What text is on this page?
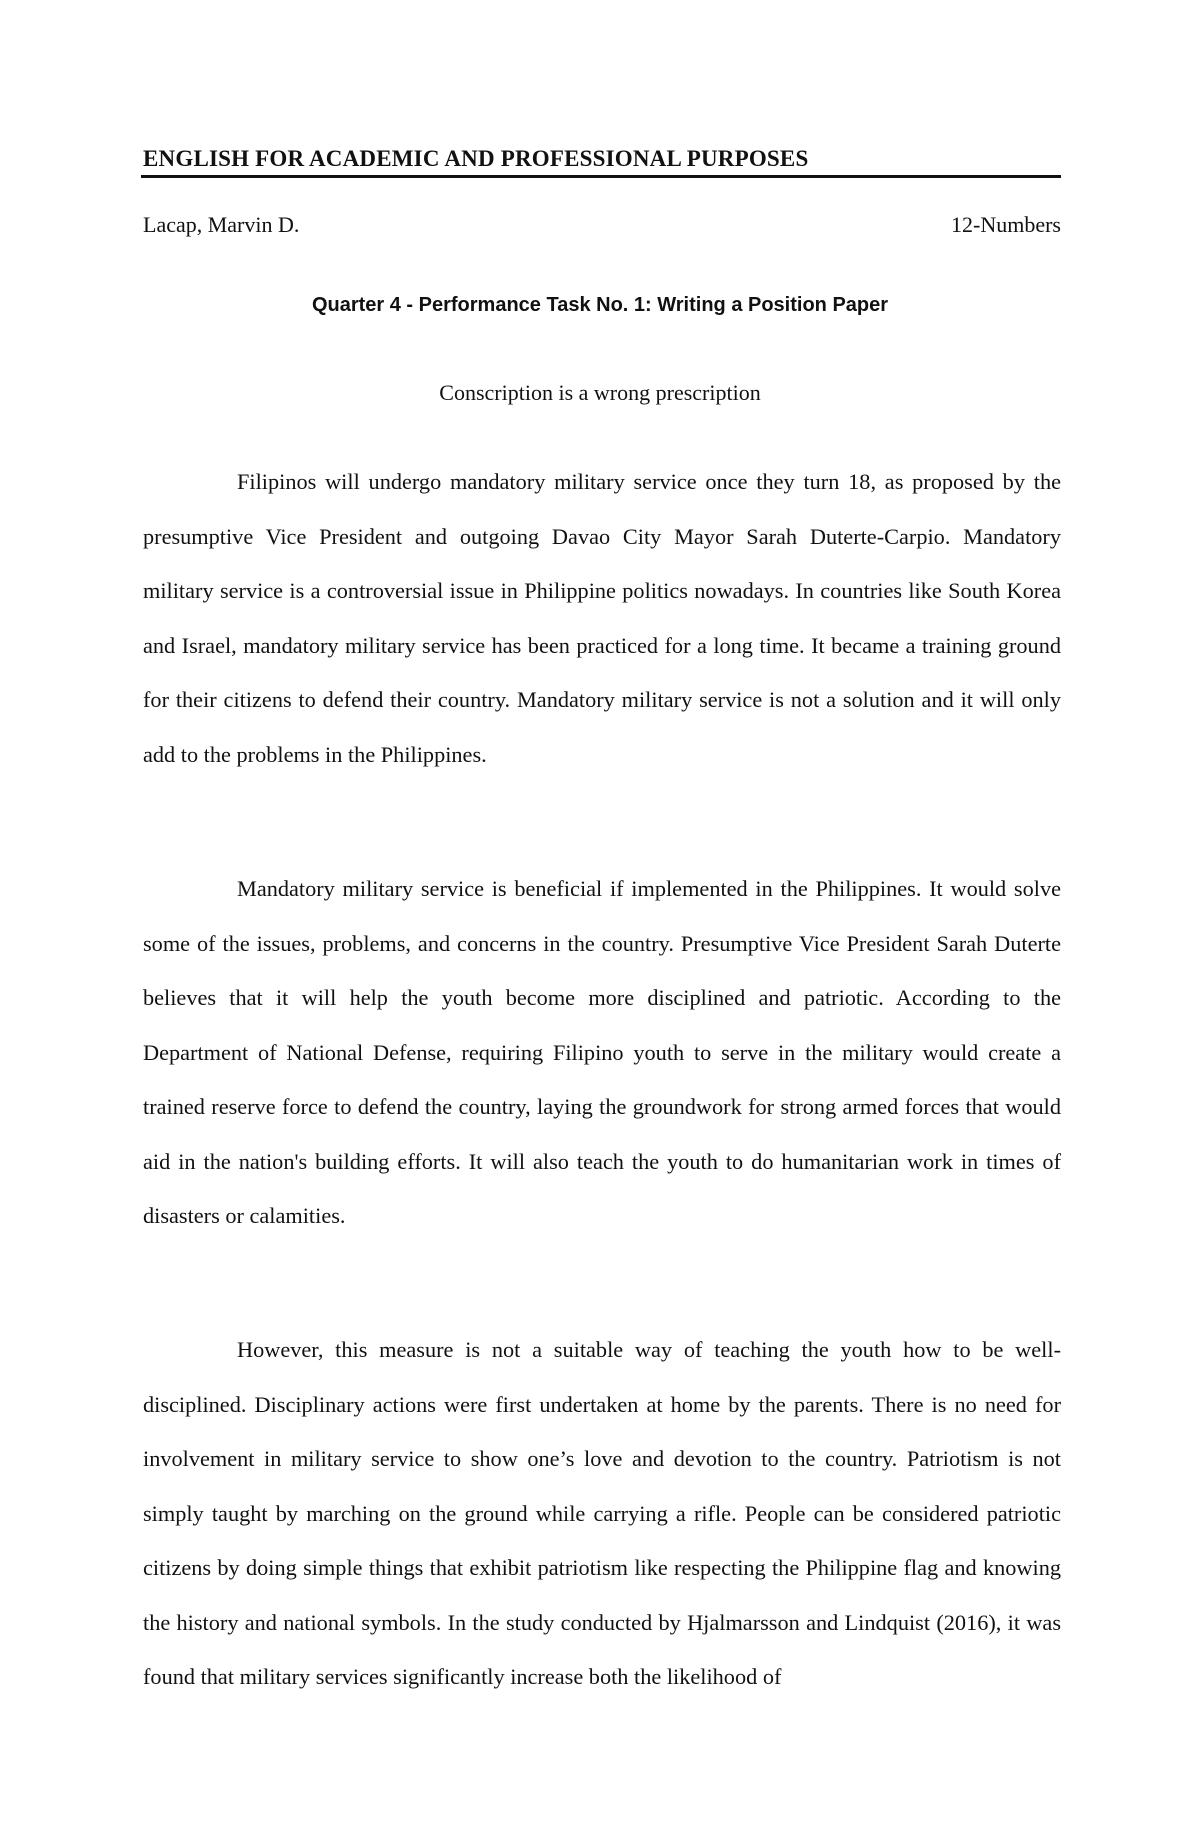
ENGLISH FOR ACADEMIC AND PROFESSIONAL PURPOSES
Lacap, Marvin D.	12-Numbers
Quarter 4 - Performance Task No. 1: Writing a Position Paper
Conscription is a wrong prescription

Filipinos will undergo mandatory military service once they turn 18, as proposed by the presumptive Vice President and outgoing Davao City Mayor Sarah Duterte-Carpio. Mandatory military service is a controversial issue in Philippine politics nowadays. In countries like South Korea and Israel, mandatory military service has been practiced for a long time. It became a training ground for their citizens to defend their country. Mandatory military service is not a solution and it will only add to the problems in the Philippines.

Mandatory military service is beneficial if implemented in the Philippines. It would solve some of the issues, problems, and concerns in the country. Presumptive Vice President Sarah Duterte believes that it will help the youth become more disciplined and patriotic. According to the Department of National Defense, requiring Filipino youth to serve in the military would create a trained reserve force to defend the country, laying the groundwork for strong armed forces that would aid in the nation's building efforts. It will also teach the youth to do humanitarian work in times of disasters or calamities.

However, this measure is not a suitable way of teaching the youth how to be well-disciplined. Disciplinary actions were first undertaken at home by the parents. There is no need for involvement in military service to show one’s love and devotion to the country. Patriotism is not simply taught by marching on the ground while carrying a rifle. People can be considered patriotic citizens by doing simple things that exhibit patriotism like respecting the Philippine flag and knowing the history and national symbols. In the study conducted by Hjalmarsson and Lindquist (2016), it was found that military services significantly increase both the likelihood of
